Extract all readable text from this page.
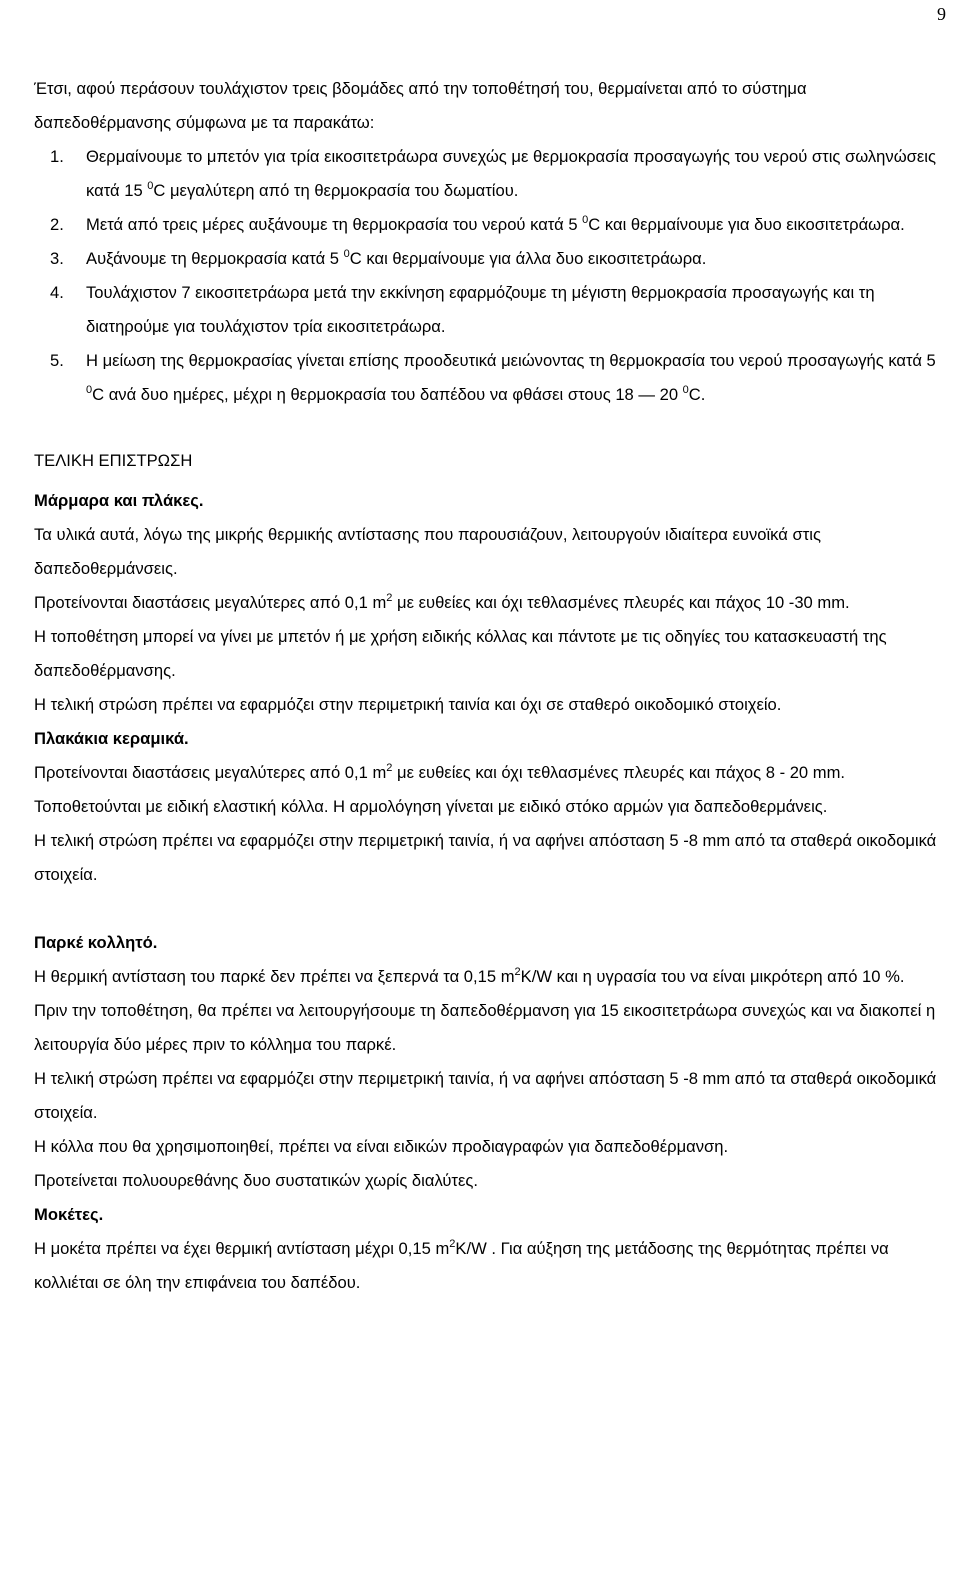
9

Έτσι, αφού περάσουν τουλάχιστον τρεις βδομάδες από την τοποθέτησή του, θερμαίνεται από το σύστημα δαπεδοθέρμανσης σύμφωνα με τα παρακάτω:

1. Θερμαίνουμε το μπετόν για τρία εικοσιτετράωρα συνεχώς με θερμοκρασία προσαγωγής του νερού στις σωληνώσεις κατά 15 $^0$C μεγαλύτερη από τη θερμοκρασία του δωματίου.
2. Μετά από τρεις μέρες αυξάνουμε τη θερμοκρασία του νερού κατά 5 $^0$C και θερμαίνουμε για δυο εικοσιτετράωρα.
3. Αυξάνουμε τη θερμοκρασία κατά 5 $^0$C και θερμαίνουμε για άλλα δυο εικοσιτετράωρα.
4. Τουλάχιστον 7 εικοσιτετράωρα μετά την εκκίνηση εφαρμόζουμε τη μέγιστη θερμοκρασία προσαγωγής και τη διατηρούμε για τουλάχιστον τρία εικοσιτετράωρα.
5. Η μείωση της θερμοκρασίας γίνεται επίσης προοδευτικά μειώνοντας τη θερμοκρασία του νερού προσαγωγής κατά 5 $^0$C ανά δυο ημέρες, μέχρι η θερμοκρασία του δαπέδου να φθάσει στους 18 — 20 $^0$C.

ΤΕΛΙΚΗ ΕΠΙΣΤΡΩΣΗ

Μάρμαρα και πλάκες.

Τα υλικά αυτά, λόγω της μικρής θερμικής αντίστασης που παρουσιάζουν, λειτουργούν ιδιαίτερα ευνοϊκά στις δαπεδοθερμάνσεις.

Προτείνονται διαστάσεις μεγαλύτερες από 0,1 $m^2$ με ευθείες και όχι τεθλασμένες πλευρές και πάχος 10 -30 mm.

Η τοποθέτηση μπορεί να γίνει με μπετόν ή με χρήση ειδικής κόλλας και πάντοτε με τις οδηγίες του κατασκευαστή της δαπεδοθέρμανσης.

Η τελική στρώση πρέπει να εφαρμόζει στην περιμετρική ταινία και όχι σε σταθερό οικοδομικό στοιχείο.

Πλακάκια κεραμικά.

Προτείνονται διαστάσεις μεγαλύτερες από 0,1 $m^2$ με ευθείες και όχι τεθλασμένες πλευρές και πάχος 8 - 20 mm.

Τοποθετούνται με ειδική ελαστική κόλλα. Η αρμολόγηση γίνεται με ειδικό στόκο αρμών για δαπεδοθερμάνεις.

Η τελική στρώση πρέπει να εφαρμόζει στην περιμετρική ταινία, ή να αφήνει απόσταση 5 -8 mm από τα σταθερά οικοδομικά στοιχεία.

Παρκέ κολλητό.

Η θερμική αντίσταση του παρκέ δεν πρέπει να ξεπερνά τα 0,15 $m^2K/W$ και η υγρασία του να είναι μικρότερη από 10 %.

Πριν την τοποθέτηση, θα πρέπει να λειτουργήσουμε τη δαπεδοθέρμανση για 15 εικοσιτετράωρα συνεχώς και να διακοπεί η λειτουργία δύο μέρες πριν το κόλλημα του παρκέ.

Η τελική στρώση πρέπει να εφαρμόζει στην περιμετρική ταινία, ή να αφήνει απόσταση 5 -8 mm από τα σταθερά οικοδομικά στοιχεία.

Η κόλλα που θα χρησιμοποιηθεί, πρέπει να είναι ειδικών προδιαγραφών για δαπεδοθέρμανση.

Προτείνεται πολυουρεθάνης δυο συστατικών χωρίς διαλύτες.

Μοκέτες.

Η μοκέτα πρέπει να έχει θερμική αντίσταση μέχρι 0,15 $m^2K/W$ . Για αύξηση της μετάδοσης της θερμότητας πρέπει να κολλιέται σε όλη την επιφάνεια του δαπέδου.
